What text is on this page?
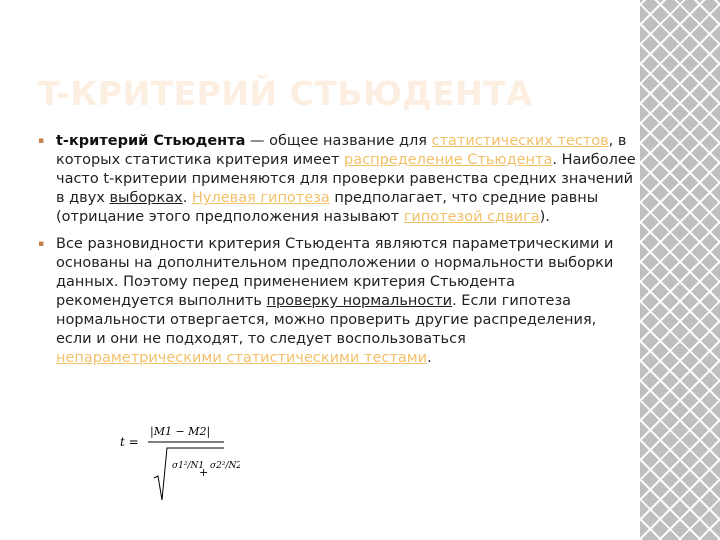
T-КРИТЕРИЙ СТЬЮДЕНТА
▪ t-критерий Стьюдента — общее название для статистических тестов, в которых статистика критерия имеет распределение Стьюдента. Наиболее часто t-критерии применяются для проверки равенства средних значений в двух выборках. Нулевая гипотеза предполагает, что средние равны (отрицание этого предположения называют гипотезой сдвига).
▪ Все разновидности критерия Стьюдента являются параметрическими и основаны на дополнительном предположении о нормальности выборки данных. Поэтому перед применением критерия Стьюдента рекомендуется выполнить проверку нормальности. Если гипотеза нормальности отвергается, можно проверить другие распределения, если и они не подходят, то следует воспользоваться непараметрическими статистическими тестами.
t =
|M1 − M2|
σ1²/N1
+ σ2²/N2
